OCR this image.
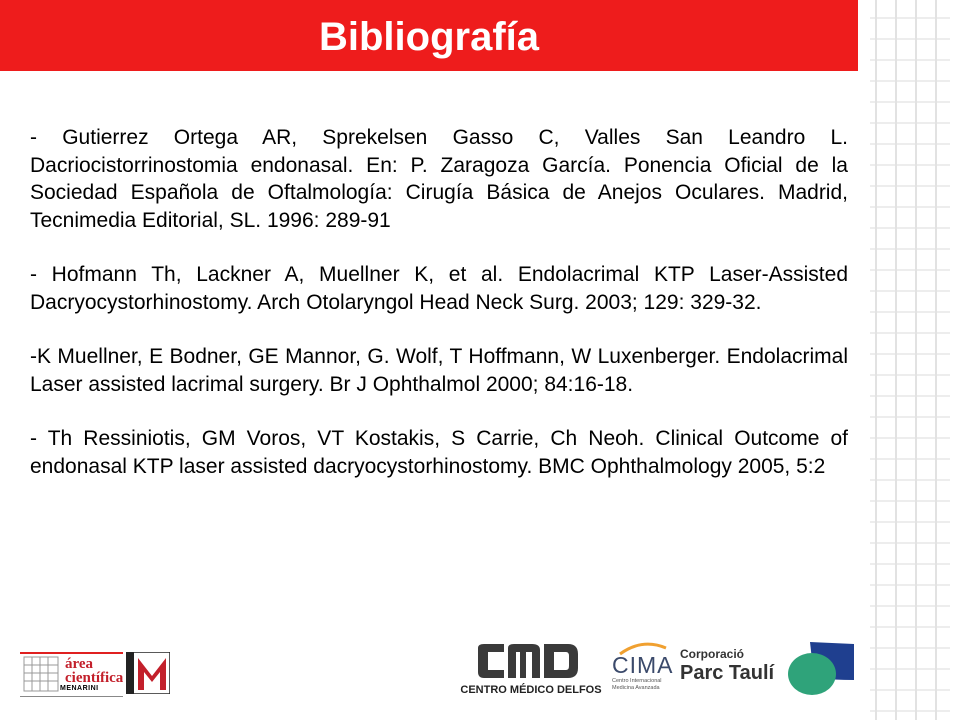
Bibliografía

- Gutierrez Ortega AR, Sprekelsen Gasso C, Valles San Leandro L. Dacriocistorrinostomia endonasal. En: P. Zaragoza García. Ponencia Oficial de la Sociedad Española de Oftalmología: Cirugía Básica de Anejos Oculares. Madrid, Tecnimedia Editorial, SL. 1996: 289-91

- Hofmann Th, Lackner A, Muellner K, et al. Endolacrimal KTP Laser-Assisted Dacryocystorhinostomy. Arch Otolaryngol Head Neck Surg. 2003; 129: 329-32.

-K Muellner, E Bodner, GE Mannor, G. Wolf, T Hoffmann, W Luxenberger. Endolacrimal Laser assisted lacrimal surgery. Br J Ophthalmol 2000; 84:16-18.

- Th Ressiniotis, GM Voros, VT Kostakis, S Carrie, Ch Neoh. Clinical Outcome of endonasal KTP laser assisted dacryocystorhinostomy. BMC Ophthalmology 2005, 5:2

área
científica
MENARINI	CENTRO MÉDICO DELFOS
CIMA
Centro Internacional Medicina Avanzada
Corporació
Parc Taulí
